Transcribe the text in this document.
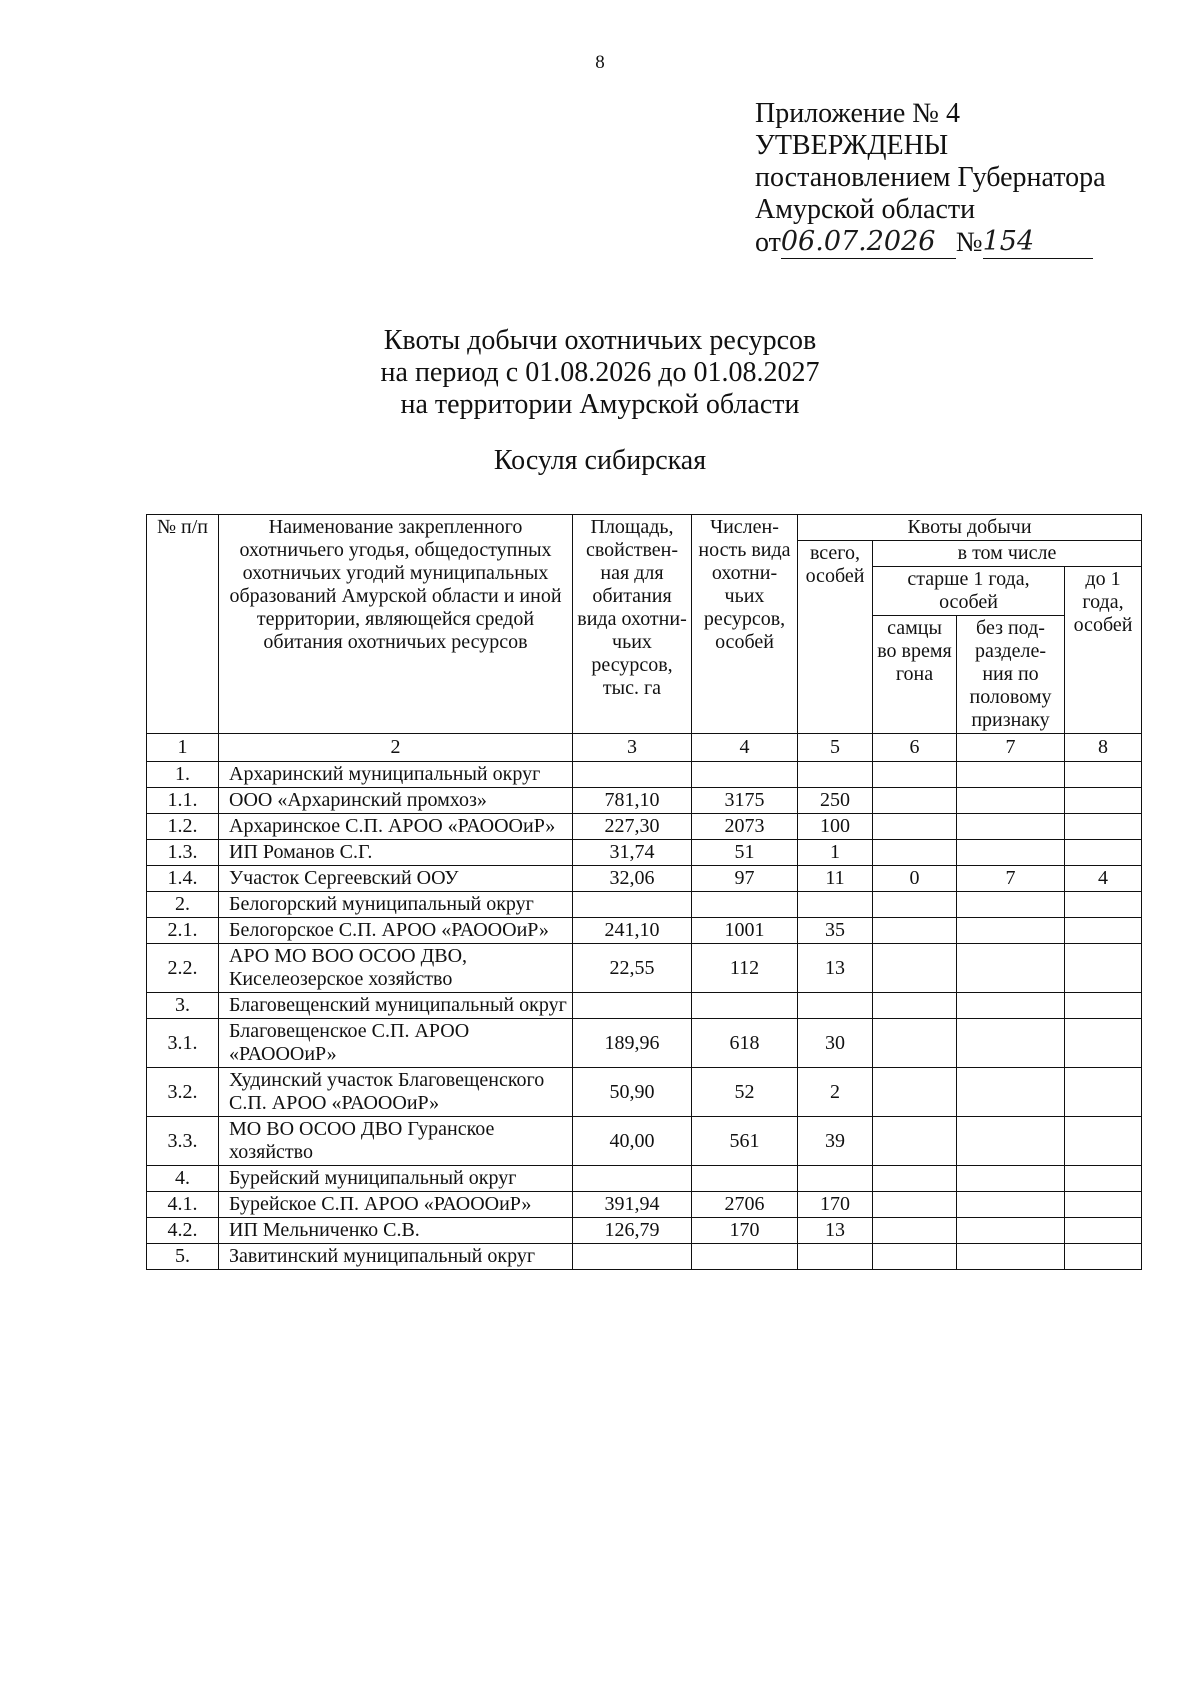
8
Приложение № 4
УТВЕРЖДЕНЫ
постановлением Губернатора
Амурской области
от 06.07.2026 № 154
Квоты добычи охотничьих ресурсов
на период с 01.08.2026 до 01.08.2027
на территории Амурской области
Косуля сибирская
№ п/п	Наименование закрепленного охотничьего угодья, общедоступных охотничьих угодий муниципальных образований Амурской области и иной территории, являющейся средой обитания охотничьих ресурсов	Площадь, свойствен-ная для обитания вида охотни-чьих ресурсов, тыс. га	Числен-ность вида охотни-чьих ресурсов, особей	Квоты добычи			
				всего, особей	в том числе		
					старше 1 года, особей		до 1 года, особей
					самцы во время гона	без под-разделе-ния по половому признаку	
1	2	3	4	5	6	7	8
1.	Архаринский муниципальный округ						
1.1.	ООО «Архаринский промхоз»	781,10	3175	250			
1.2.	Архаринское С.П. АРОО «РАОООиР»	227,30	2073	100			
1.3.	ИП Романов С.Г.	31,74	51	1			
1.4.	Участок Сергеевский ООУ	32,06	97	11	0	7	4
2.	Белогорский муниципальный округ						
2.1.	Белогорское С.П. АРОО «РАОООиР»	241,10	1001	35			
2.2.	АРО МО ВОО ОСОО ДВО, Киселеозерское хозяйство	22,55	112	13			
3.	Благовещенский муниципальный округ						
3.1.	Благовещенское С.П. АРОО «РАОООиР»	189,96	618	30			
3.2.	Худинский участок Благовещенского С.П. АРОО «РАОООиР»	50,90	52	2			
3.3.	МО ВО ОСОО ДВО Гуранское хозяйство	40,00	561	39			
4.	Бурейский муниципальный округ						
4.1.	Бурейское С.П. АРОО «РАОООиР»	391,94	2706	170			
4.2.	ИП Мельниченко С.В.	126,79	170	13			
5.	Завитинский муниципальный округ						
